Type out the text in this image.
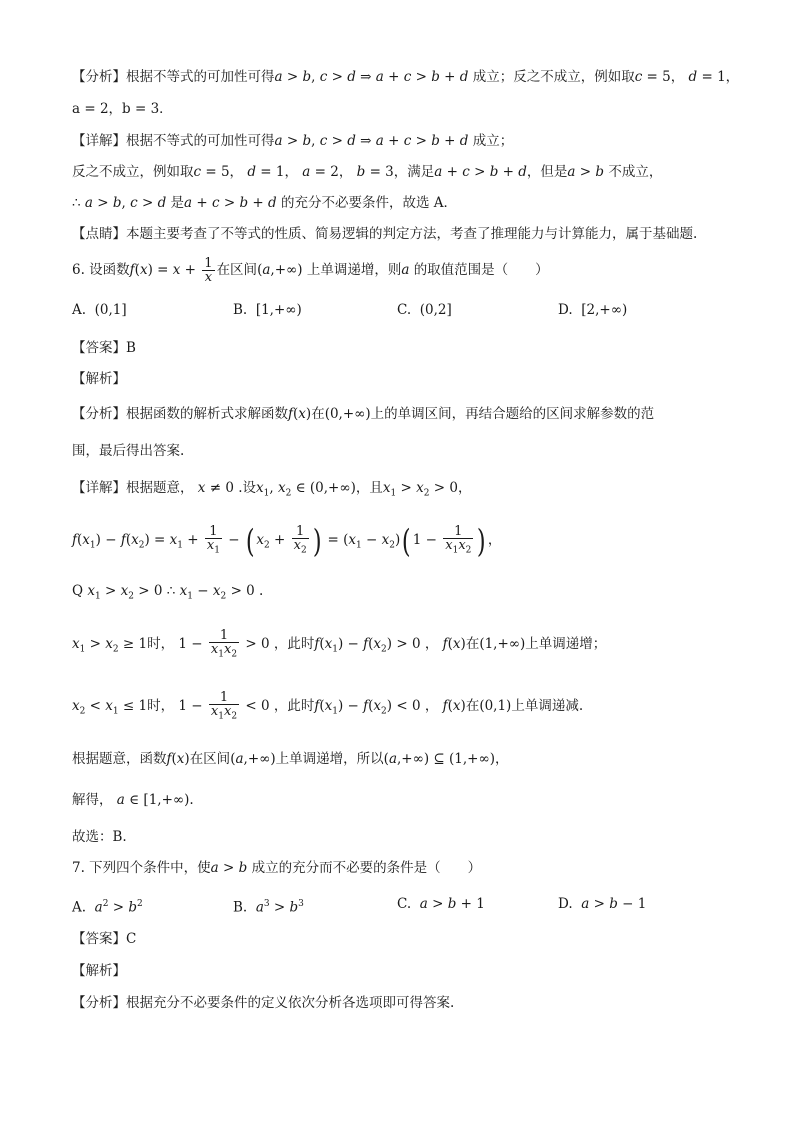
【分析】根据不等式的可加性可得a > b, c > d ⇒ a + c > b + d 成立；反之不成立，例如取c = 5， d = 1，
a = 2，b = 3．
【详解】根据不等式的可加性可得a > b, c > d ⇒ a + c > b + d 成立；
反之不成立，例如取c = 5， d = 1， a = 2， b = 3，满足a + c > b + d，但是a > b 不成立，
∴ a > b, c > d 是a + c > b + d 的充分不必要条件，故选 A．
【点睛】本题主要考查了不等式的性质、简易逻辑的判定方法，考查了推理能力与计算能力，属于基础题.
6. 设函数$f(x) = x + \frac{1}{x}$ 在区间(a,+∞) 上单调递增，则a 的取值范围是（　　）
A. (0,1]	B. [1,+∞)	C. (0,2]	D. [2,+∞)
【答案】B
【解析】
【分析】根据函数的解析式求解函数f(x)在(0,+∞)上的单调区间，再结合题给的区间求解参数的范
围，最后得出答案.
【详解】根据题意， x ≠ 0 .设$x_1$, $x_2$ ∈ (0,+∞)，且$x_1 > x_2 > 0$，
$f(x_1) - f(x_2) = x_1 + \frac{1}{x_1}$ − ( $x_2 + \frac{1}{x_2}$ ) = $(x_1 - x_2)$( $1 - \frac{1}{x_1x_2}$ ) ，
Q $x_1 > x_2 > 0$ ∴ $x_1 - x_2 > 0$ .
$x_1 > x_2 \ge 1$时， $1 - \frac{1}{x_1x_2} > 0$ ，此时$f(x_1) - f(x_2) > 0$ ， f(x)在(1,+∞)上单调递增；
$x_2 < x_1 \le 1$时， $1 - \frac{1}{x_1x_2} < 0$ ，此时$f(x_1) - f(x_2) < 0$ ， f(x)在(0,1)上单调递减.
根据题意，函数f(x)在区间(a,+∞)上单调递增，所以(a,+∞) ⊆ (1,+∞)，
解得， a ∈ [1,+∞).
故选：B.
7. 下列四个条件中，使a > b 成立的充分而不必要的条件是（　　）
A. $a^2 > b^2$	B. $a^3 > b^3$	C. a > b + 1	D. a > b − 1
【答案】C
【解析】
【分析】根据充分不必要条件的定义依次分析各选项即可得答案.
